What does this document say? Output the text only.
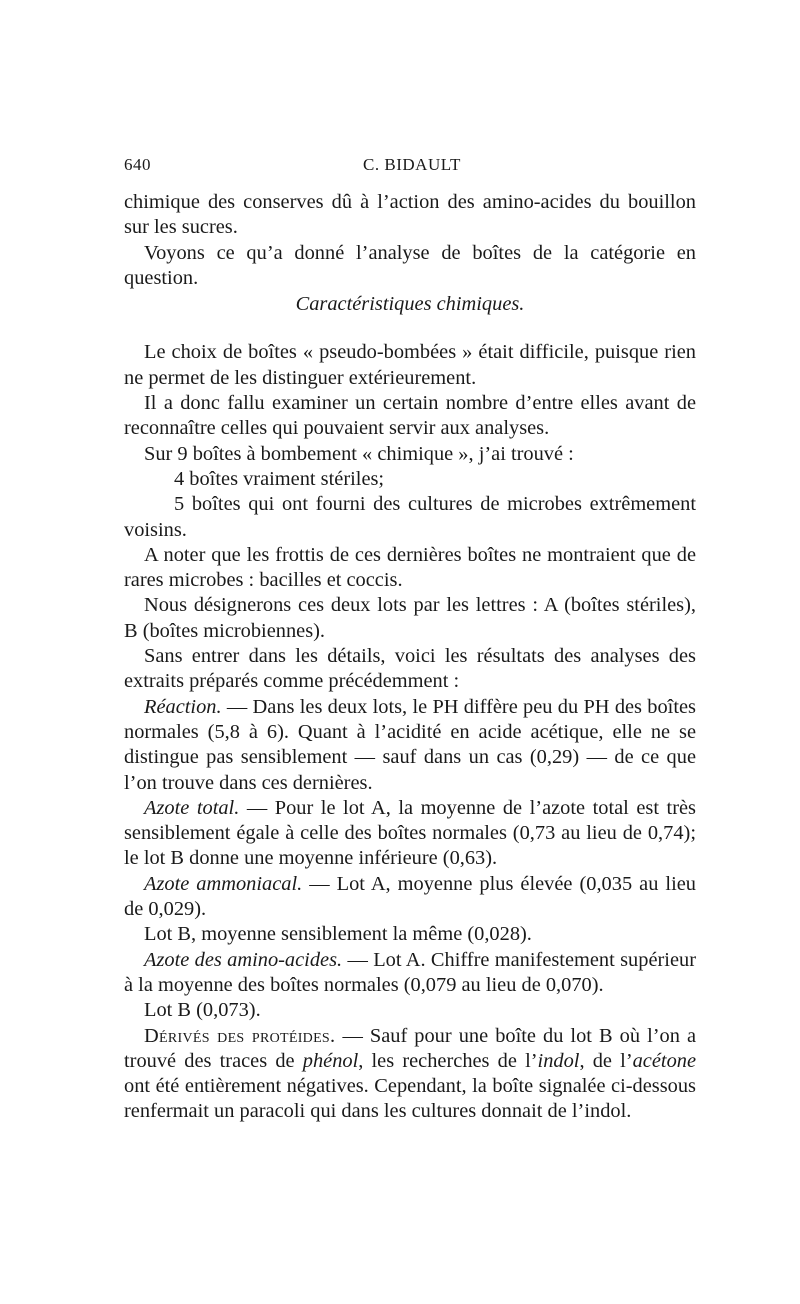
640	C. BIDAULT

chimique des conserves dû à l’action des amino-acides du bouillon sur les sucres.

Voyons ce qu’a donné l’analyse de boîtes de la catégorie en question.

Caractéristiques chimiques.

Le choix de boîtes « pseudo-bombées » était difficile, puisque rien ne permet de les distinguer extérieurement.

Il a donc fallu examiner un certain nombre d’entre elles avant de reconnaître celles qui pouvaient servir aux analyses.

Sur 9 boîtes à bombement « chimique », j’ai trouvé :

4 boîtes vraiment stériles;

5 boîtes qui ont fourni des cultures de microbes extrêmement voisins.

A noter que les frottis de ces dernières boîtes ne montraient que de rares microbes : bacilles et coccis.

Nous désignerons ces deux lots par les lettres : A (boîtes stériles), B (boîtes microbiennes).

Sans entrer dans les détails, voici les résultats des analyses des extraits préparés comme précédemment :

Réaction. — Dans les deux lots, le PH diffère peu du PH des boîtes normales (5,8 à 6). Quant à l’acidité en acide acétique, elle ne se distingue pas sensiblement — sauf dans un cas (0,29) — de ce que l’on trouve dans ces dernières.

Azote total. — Pour le lot A, la moyenne de l’azote total est très sensiblement égale à celle des boîtes normales (0,73 au lieu de 0,74); le lot B donne une moyenne inférieure (0,63).

Azote ammoniacal. — Lot A, moyenne plus élevée (0,035 au lieu de 0,029).

Lot B, moyenne sensiblement la même (0,028).

Azote des amino-acides. — Lot A. Chiffre manifestement supérieur à la moyenne des boîtes normales (0,079 au lieu de 0,070).

Lot B (0,073).

Dérivés des protéides. — Sauf pour une boîte du lot B où l’on a trouvé des traces de phénol, les recherches de l’indol, de l’acétone ont été entièrement négatives. Cependant, la boîte signalée ci-dessous renfermait un paracoli qui dans les cultures donnait de l’indol.
